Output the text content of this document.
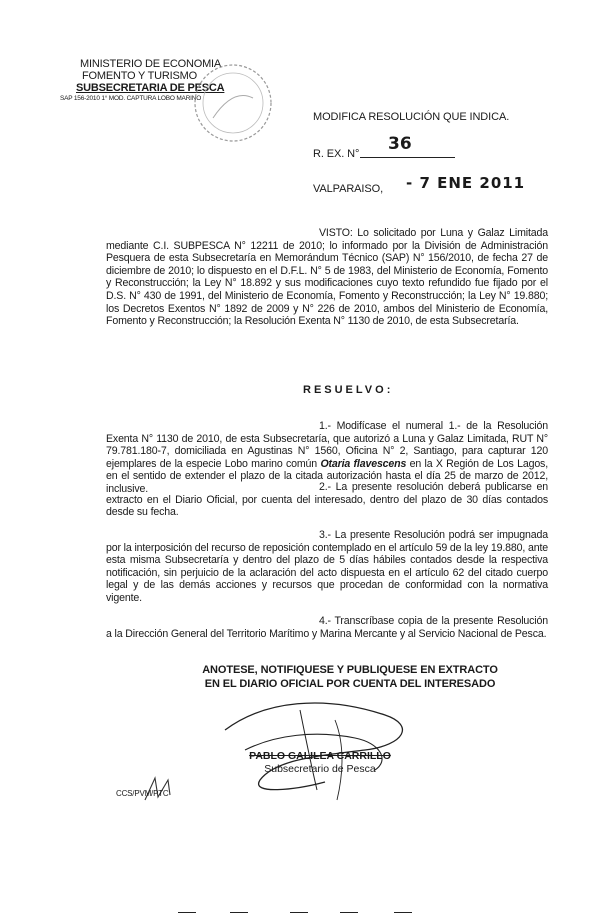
MINISTERIO DE ECONOMIA
FOMENTO Y TURISMO
SUBSECRETARIA DE PESCA
SAP 156-2010 1° MOD. CAPTURA LOBO MARINO
MODIFICA RESOLUCIÓN QUE INDICA.
R. EX. N° 36
VALPARAISO, - 7 ENE 2011
VISTO: Lo solicitado por Luna y Galaz Limitada mediante C.I. SUBPESCA N° 12211 de 2010; lo informado por la División de Administración Pesquera de esta Subsecretaría en Memorándum Técnico (SAP) N° 156/2010, de fecha 27 de diciembre de 2010; lo dispuesto en el D.F.L. N° 5 de 1983, del Ministerio de Economía, Fomento y Reconstrucción; la Ley N° 18.892 y sus modificaciones cuyo texto refundido fue fijado por el D.S. N° 430 de 1991, del Ministerio de Economía, Fomento y Reconstrucción; la Ley N° 19.880; los Decretos Exentos N° 1892 de 2009 y N° 226 de 2010, ambos del Ministerio de Economía, Fomento y Reconstrucción; la Resolución Exenta N° 1130 de 2010, de esta Subsecretaría.
RESUELVO:
1.- Modifícase el numeral 1.- de la Resolución Exenta N° 1130 de 2010, de esta Subsecretaría, que autorizó a Luna y Galaz Limitada, RUT N° 79.781.180-7, domiciliada en Agustinas N° 1560, Oficina N° 2, Santiago, para capturar 120 ejemplares de la especie Lobo marino común Otaria flavescens en la X Región de Los Lagos, en el sentido de extender el plazo de la citada autorización hasta el día 25 de marzo de 2012, inclusive.	2.- La presente resolución deberá publicarse en extracto en el Diario Oficial, por cuenta del interesado, dentro del plazo de 30 días contados desde su fecha.
3.- La presente Resolución podrá ser impugnada por la interposición del recurso de reposición contemplado en el artículo 59 de la ley 19.880, ante esta misma Subsecretaría y dentro del plazo de 5 días hábiles contados desde la respectiva notificación, sin perjuicio de la aclaración del acto dispuesta en el artículo 62 del citado cuerpo legal y de las demás acciones y recursos que procedan de conformidad con la normativa vigente.
4.- Transcríbase copia de la presente Resolución a la Dirección General del Territorio Marítimo y Marina Mercante y al Servicio Nacional de Pesca.
ANOTESE, NOTIFIQUESE Y PUBLIQUESE EN EXTRACTO
EN EL DIARIO OFICIAL POR CUENTA DEL INTERESADO
PABLO GALILEA CARRILLO
Subsecretario de Pesca
CCS/PVM/PTC
